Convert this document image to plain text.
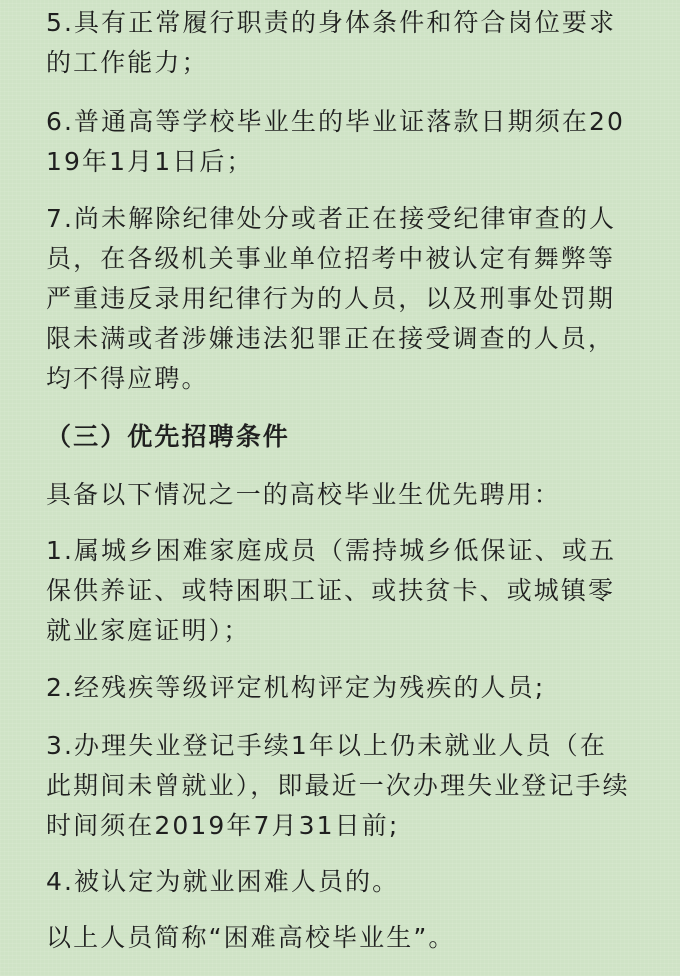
5.具有正常履行职责的身体条件和符合岗位要求的工作能力；

6.普通高等学校毕业生的毕业证落款日期须在2019年1月1日后；

7.尚未解除纪律处分或者正在接受纪律审查的人员，在各级机关事业单位招考中被认定有舞弊等严重违反录用纪律行为的人员，以及刑事处罚期限未满或者涉嫌违法犯罪正在接受调查的人员，均不得应聘。

（三）优先招聘条件

具备以下情况之一的高校毕业生优先聘用：

1.属城乡困难家庭成员（需持城乡低保证、或五保供养证、或特困职工证、或扶贫卡、或城镇零就业家庭证明）；

2.经残疾等级评定机构评定为残疾的人员;

3.办理失业登记手续1年以上仍未就业人员（在此期间未曾就业），即最近一次办理失业登记手续时间须在2019年7月31日前;

4.被认定为就业困难人员的。

以上人员简称“困难高校毕业生”。
